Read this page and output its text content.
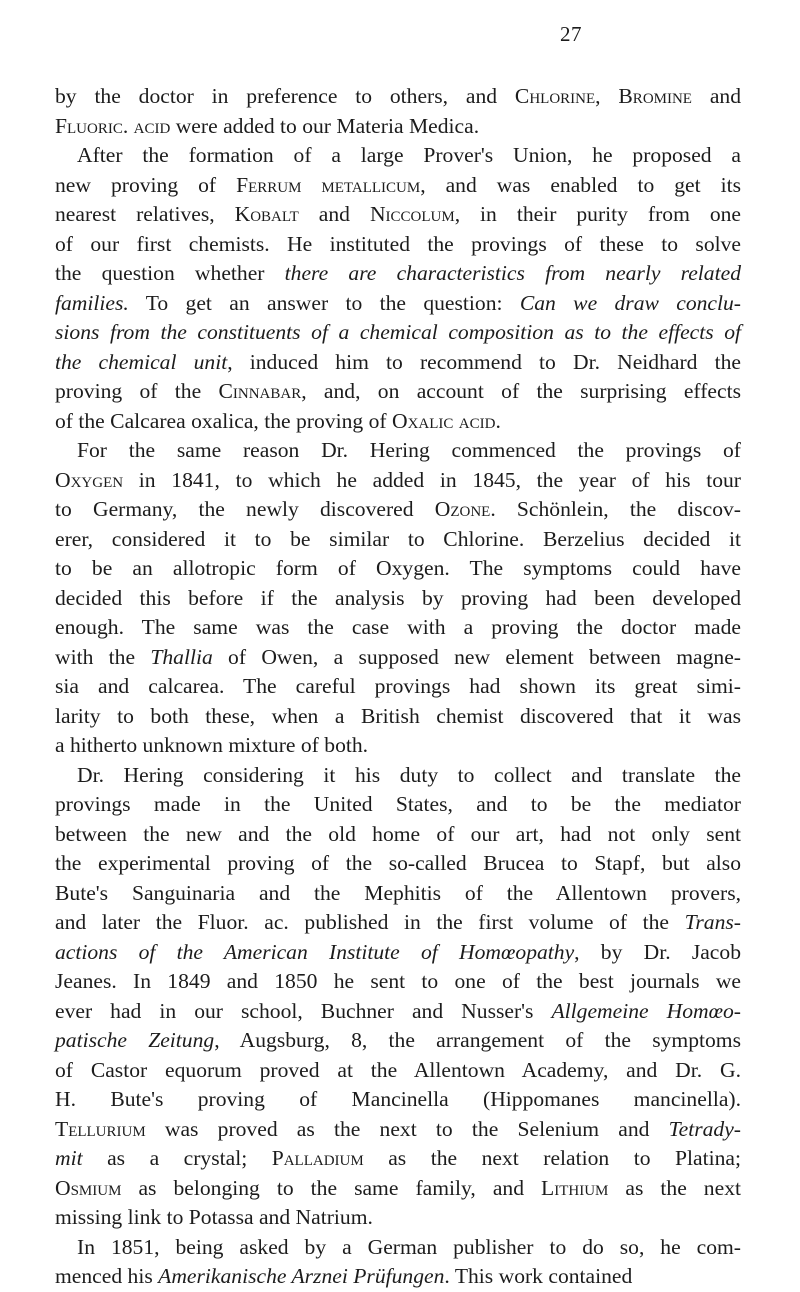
27
by the doctor in preference to others, and Chlorine, Bromine and
Fluoric. acid were added to our Materia Medica.
After the formation of a large Prover's Union, he proposed a
new proving of Ferrum metallicum, and was enabled to get its
nearest relatives, Kobalt and Niccolum, in their purity from one
of our first chemists. He instituted the provings of these to solve
the question whether there are characteristics from nearly related
families. To get an answer to the question: Can we draw conclu-
sions from the constituents of a chemical composition as to the effects of
the chemical unit, induced him to recommend to Dr. Neidhard the
proving of the Cinnabar, and, on account of the surprising effects
of the Calcarea oxalica, the proving of Oxalic acid.
For the same reason Dr. Hering commenced the provings of
Oxygen in 1841, to which he added in 1845, the year of his tour
to Germany, the newly discovered Ozone. Schönlein, the discov-
erer, considered it to be similar to Chlorine. Berzelius decided it
to be an allotropic form of Oxygen. The symptoms could have
decided this before if the analysis by proving had been developed
enough. The same was the case with a proving the doctor made
with the Thallia of Owen, a supposed new element between magne-
sia and calcarea. The careful provings had shown its great simi-
larity to both these, when a British chemist discovered that it was
a hitherto unknown mixture of both.
Dr. Hering considering it his duty to collect and translate the
provings made in the United States, and to be the mediator
between the new and the old home of our art, had not only sent
the experimental proving of the so-called Brucea to Stapf, but also
Bute's Sanguinaria and the Mephitis of the Allentown provers,
and later the Fluor. ac. published in the first volume of the Trans-
actions of the American Institute of Homœopathy, by Dr. Jacob
Jeanes. In 1849 and 1850 he sent to one of the best journals we
ever had in our school, Buchner and Nusser's Allgemeine Homœo-
patische Zeitung, Augsburg, 8, the arrangement of the symptoms
of Castor equorum proved at the Allentown Academy, and Dr. G.
H. Bute's proving of Mancinella (Hippomanes mancinella).
Tellurium was proved as the next to the Selenium and Tetrady-
mit as a crystal; Palladium as the next relation to Platina;
Osmium as belonging to the same family, and Lithium as the next
missing link to Potassa and Natrium.
In 1851, being asked by a German publisher to do so, he com-
menced his Amerikanische Arznei Prüfungen. This work contained
